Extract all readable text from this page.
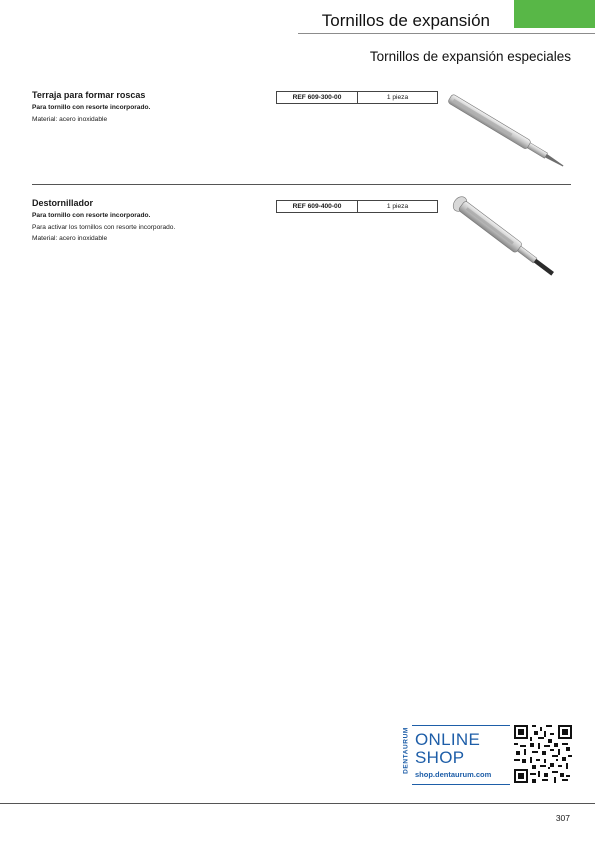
Tornillos de expansión
Tornillos de expansión especiales
Terraja para formar roscas
Para tornillo con resorte incorporado.
Material: acero inoxidable
REF 609-300-00	1 pieza
Destornillador
Para tornillo con resorte incorporado.
Para activar los tornillos con resorte incorporado.
Material: acero inoxidable
REF 609-400-00	1 pieza
DENTAURUM ONLINE
SHOP
shop.dentaurum.com
307
